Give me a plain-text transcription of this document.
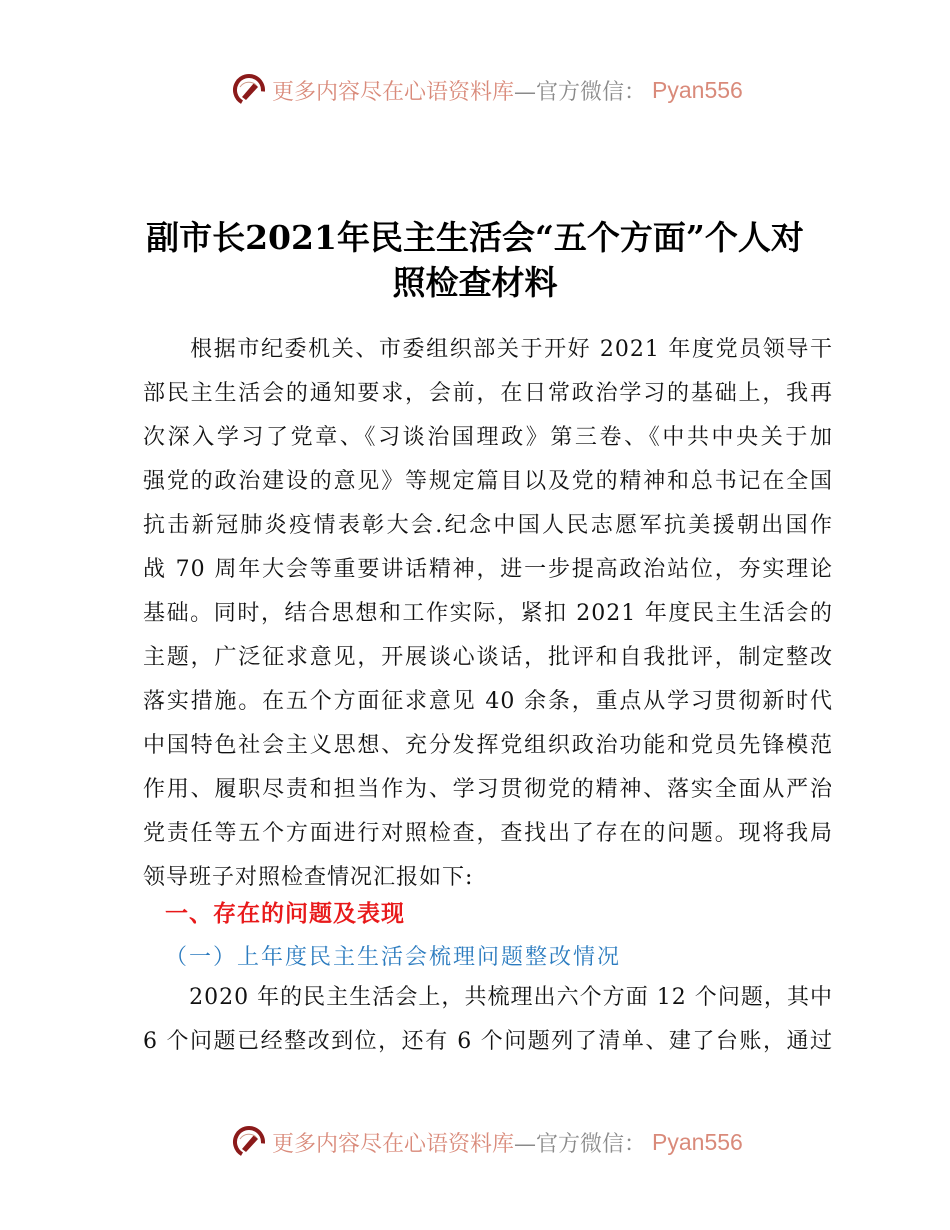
更多内容尽在心语资料库 —官方微信： Pyan556
副市长2021年民主生活会“五个方面”个人对
照检查材料
　　根据市纪委机关、市委组织部关于开好 2021 年度党员领导干
部民主生活会的通知要求，会前，在日常政治学习的基础上，我再
次深入学习了党章、《习谈治国理政》第三卷、《中共中央关于加
强党的政治建设的意见》等规定篇目以及党的精神和总书记在全国
抗击新冠肺炎疫情表彰大会.纪念中国人民志愿军抗美援朝出国作
战 70 周年大会等重要讲话精神，进一步提高政治站位，夯实理论
基础。同时，结合思想和工作实际，紧扣 2021 年度民主生活会的
主题，广泛征求意见，开展谈心谈话，批评和自我批评，制定整改
落实措施。在五个方面征求意见 40 余条，重点从学习贯彻新时代
中国特色社会主义思想、充分发挥党组织政治功能和党员先锋模范
作用、履职尽责和担当作为、学习贯彻党的精神、落实全面从严治
党责任等五个方面进行对照检查，查找出了存在的问题。现将我局
领导班子对照检查情况汇报如下:
一、存在的问题及表现
（一）上年度民主生活会梳理问题整改情况
　　2020 年的民主生活会上，共梳理出六个方面 12 个问题，其中
6 个问题已经整改到位，还有 6 个问题列了清单、建了台账，通过
更多内容尽在心语资料库 —官方微信： Pyan556
